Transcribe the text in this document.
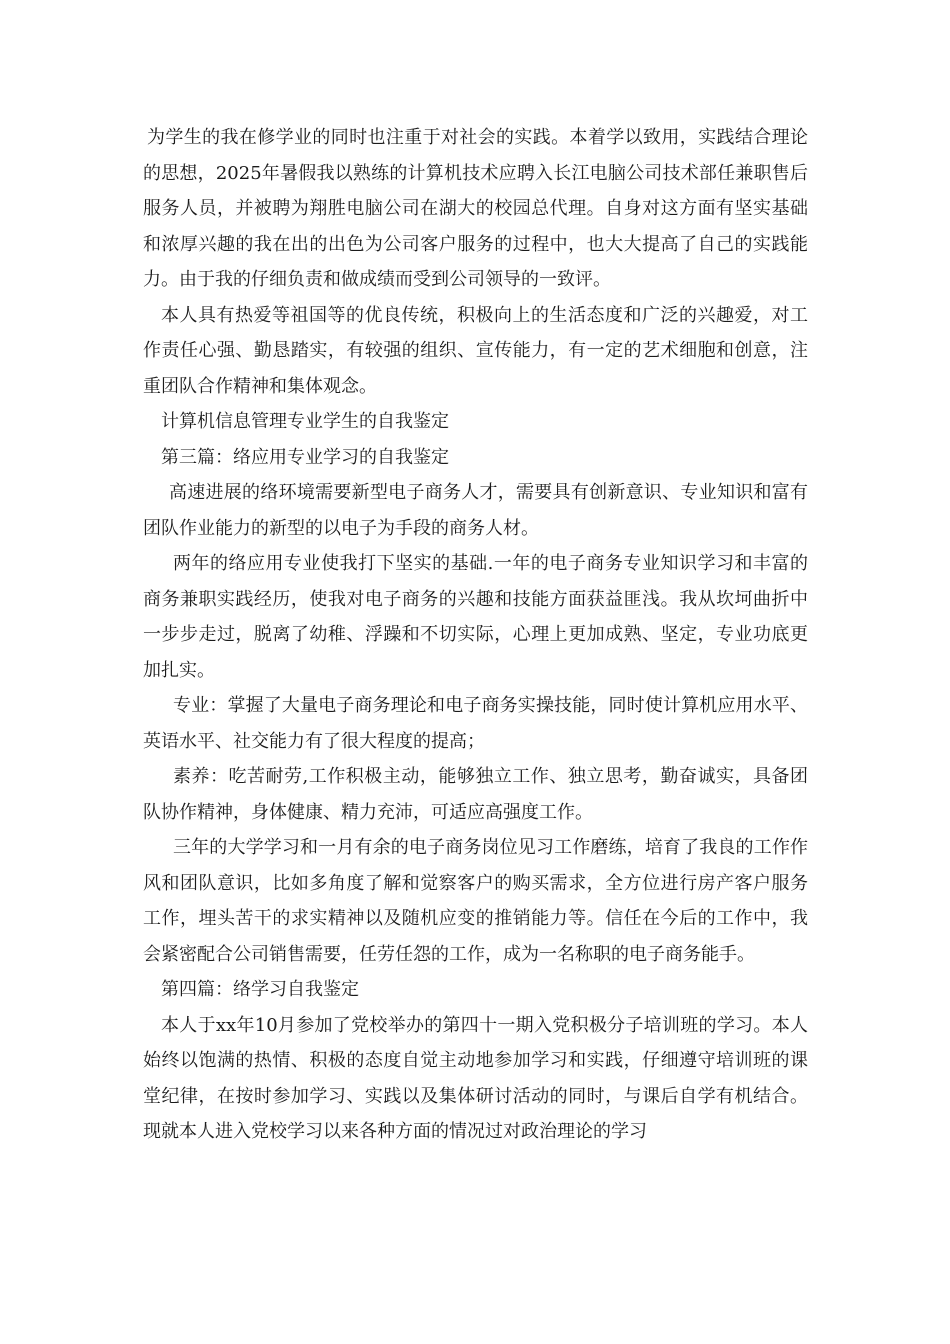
为学生的我在修学业的同时也注重于对社会的实践。本着学以致用，实践结合理论的思想，2025年暑假我以熟练的计算机技术应聘入长江电脑公司技术部任兼职售后服务人员，并被聘为翔胜电脑公司在湖大的校园总代理。自身对这方面有坚实基础和浓厚兴趣的我在出的出色为公司客户服务的过程中，也大大提高了自己的实践能力。由于我的仔细负责和做成绩而受到公司领导的一致评。

本人具有热爱等祖国等的优良传统，积极向上的生活态度和广泛的兴趣爱，对工作责任心强、勤恳踏实，有较强的组织、宣传能力，有一定的艺术细胞和创意，注重团队合作精神和集体观念。

计算机信息管理专业学生的自我鉴定

第三篇：络应用专业学习的自我鉴定

高速进展的络环境需要新型电子商务人才，需要具有创新意识、专业知识和富有团队作业能力的新型的以电子为手段的商务人材。

两年的络应用专业使我打下坚实的基础.一年的电子商务专业知识学习和丰富的商务兼职实践经历，使我对电子商务的兴趣和技能方面获益匪浅。我从坎坷曲折中一步步走过，脱离了幼稚、浮躁和不切实际，心理上更加成熟、坚定，专业功底更加扎实。

专业：掌握了大量电子商务理论和电子商务实操技能，同时使计算机应用水平、英语水平、社交能力有了很大程度的提高；

素养：吃苦耐劳,工作积极主动，能够独立工作、独立思考，勤奋诚实，具备团队协作精神，身体健康、精力充沛，可适应高强度工作。

三年的大学学习和一月有余的电子商务岗位见习工作磨练，培育了我良的工作作风和团队意识，比如多角度了解和觉察客户的购买需求，全方位进行房产客户服务工作，埋头苦干的求实精神以及随机应变的推销能力等。信任在今后的工作中，我会紧密配合公司销售需要，任劳任怨的工作，成为一名称职的电子商务能手。

第四篇：络学习自我鉴定

本人于xx年10月参加了党校举办的第四十一期入党积极分子培训班的学习。本人始终以饱满的热情、积极的态度自觉主动地参加学习和实践，仔细遵守培训班的课堂纪律，在按时参加学习、实践以及集体研讨活动的同时，与课后自学有机结合。现就本人进入党校学习以来各种方面的情况过对政治理论的学习
